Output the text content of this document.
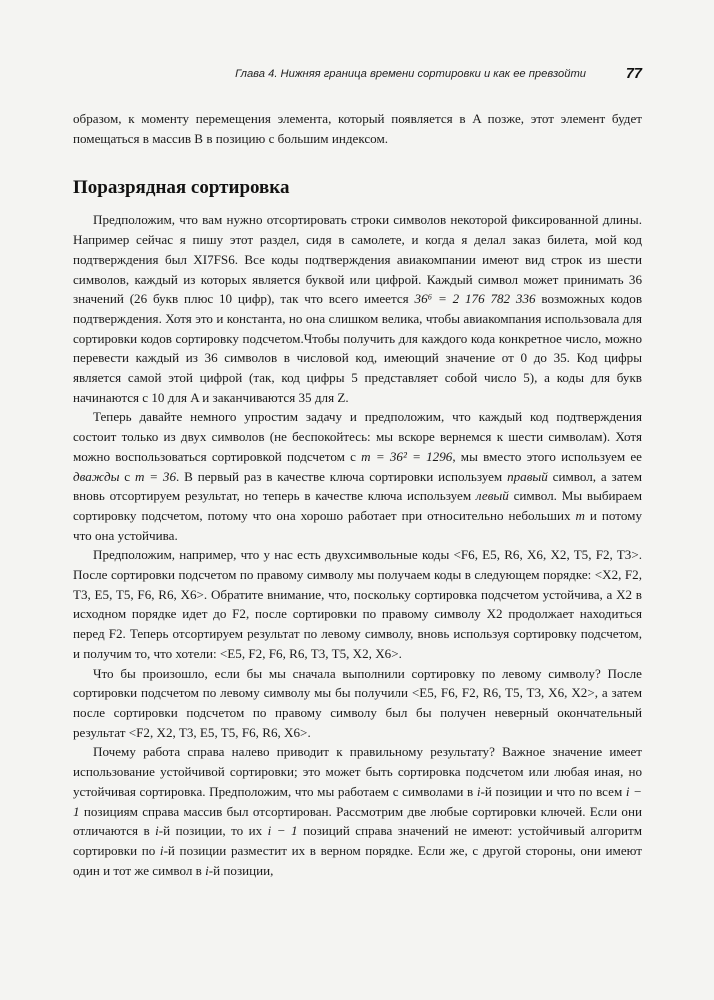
Глава 4. Нижняя граница времени сортировки и как ее превзойти	77

образом, к моменту перемещения элемента, который появляется в A позже, этот элемент будет помещаться в массив B в позицию с большим индексом.

Поразрядная сортировка

Предположим, что вам нужно отсортировать строки символов некоторой фиксированной длины. Например сейчас я пишу этот раздел, сидя в самолете, и когда я делал заказ билета, мой код подтверждения был XI7FS6. Все коды подтверждения авиакомпании имеют вид строк из шести символов, каждый из которых является буквой или цифрой. Каждый символ может принимать 36 значений (26 букв плюс 10 цифр), так что всего имеется 36⁶ = 2 176 782 336 возможных кодов подтверждения. Хотя это и константа, но она слишком велика, чтобы авиакомпания использовала для сортировки кодов сортировку подсчетом.Чтобы получить для каждого кода конкретное число, можно перевести каждый из 36 символов в числовой код, имеющий значение от 0 до 35. Код цифры является самой этой цифрой (так, код цифры 5 представляет собой число 5), а коды для букв начинаются с 10 для A и заканчиваются 35 для Z.

Теперь давайте немного упростим задачу и предположим, что каждый код подтверждения состоит только из двух символов (не беспокойтесь: мы вскоре вернемся к шести символам). Хотя можно воспользоваться сортировкой подсчетом с m = 36² = 1296, мы вместо этого используем ее дважды с m = 36. В первый раз в качестве ключа сортировки используем правый символ, а затем вновь отсортируем результат, но теперь в качестве ключа используем левый символ. Мы выбираем сортировку подсчетом, потому что она хорошо работает при относительно небольших m и потому что она устойчива.

Предположим, например, что у нас есть двухсимвольные коды <F6, E5, R6, X6, X2, T5, F2, T3>. После сортировки подсчетом по правому символу мы получаем коды в следующем порядке: <X2, F2, T3, E5, T5, F6, R6, X6>. Обратите внимание, что, поскольку сортировка подсчетом устойчива, а X2 в исходном порядке идет до F2, после сортировки по правому символу X2 продолжает находиться перед F2. Теперь отсортируем результат по левому символу, вновь используя сортировку подсчетом, и получим то, что хотели: <E5, F2, F6, R6, T3, T5, X2, X6>.

Что бы произошло, если бы мы сначала выполнили сортировку по левому символу? После сортировки подсчетом по левому символу мы бы получили <E5, F6, F2, R6, T5, T3, X6, X2>, а затем после сортировки подсчетом по правому символу был бы получен неверный окончательный результат <F2, X2, T3, E5, T5, F6, R6, X6>.

Почему работа справа налево приводит к правильному результату? Важное значение имеет использование устойчивой сортировки; это может быть сортировка подсчетом или любая иная, но устойчивая сортировка. Предположим, что мы работаем с символами в i-й позиции и что по всем i − 1 позициям справа массив был отсортирован. Рассмотрим две любые сортировки ключей. Если они отличаются в i-й позиции, то их i − 1 позиций справа значений не имеют: устойчивый алгоритм сортировки по i-й позиции разместит их в верном порядке. Если же, с другой стороны, они имеют один и тот же символ в i-й позиции,
